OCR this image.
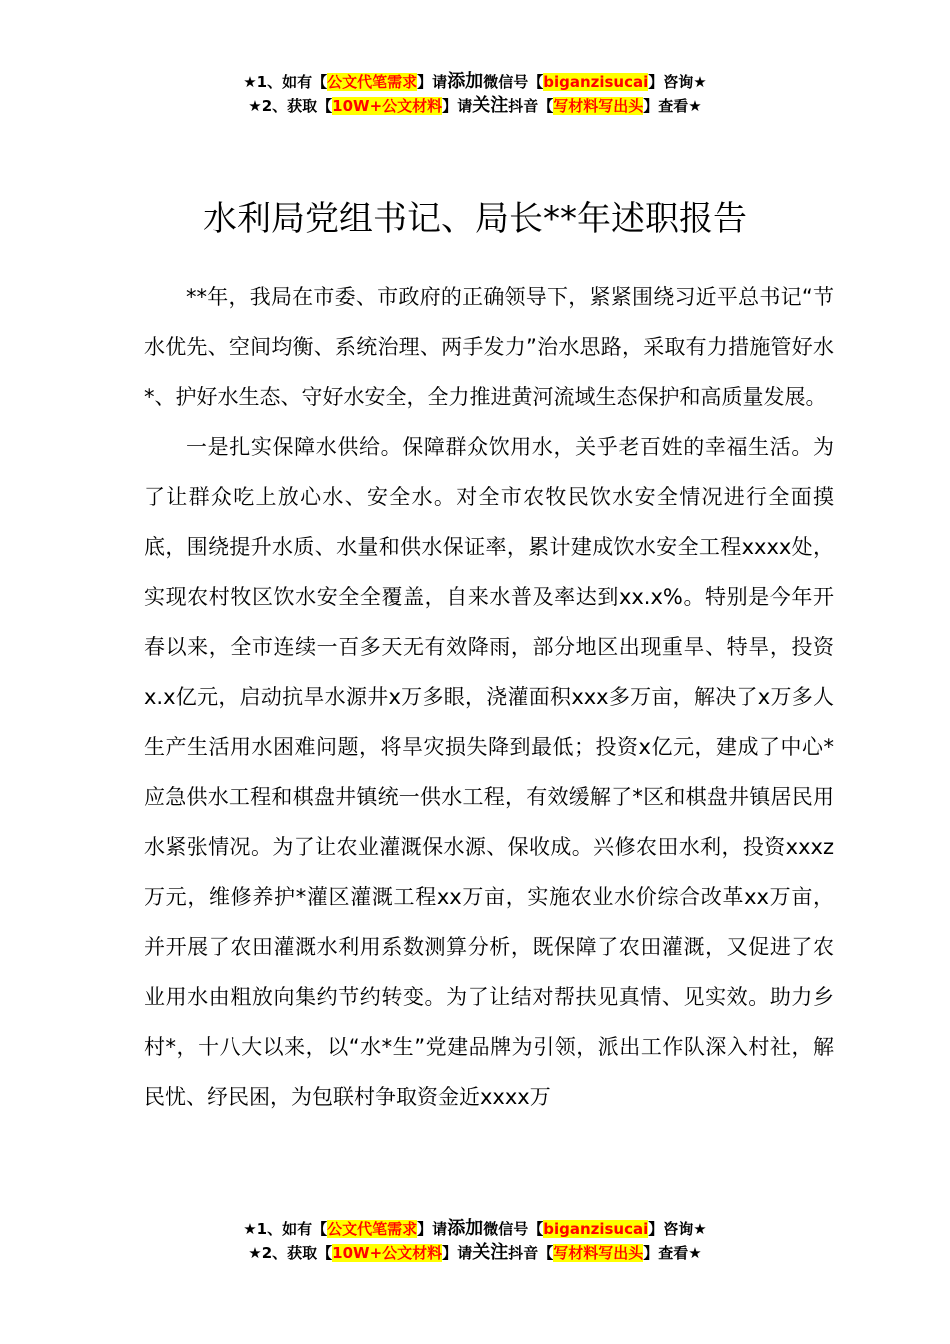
★1、如有【公文代笔需求】请添加微信号【biganzisucai】咨询★
★2、获取【10W+公文材料】请关注抖音【写材料写出头】查看★
水利局党组书记、局长**年述职报告

**年，我局在市委、市政府的正确领导下，紧紧围绕习近平总书记“节水优先、空间均衡、系统治理、两手发力”治水思路，采取有力措施管好水*、护好水生态、守好水安全，全力推进黄河流域生态保护和高质量发展。

一是扎实保障水供给。保障群众饮用水，关乎老百姓的幸福生活。为了让群众吃上放心水、安全水。对全市农牧民饮水安全情况进行全面摸底，围绕提升水质、水量和供水保证率，累计建成饮水安全工程xxxx处，实现农村牧区饮水安全全覆盖，自来水普及率达到xx.x%。特别是今年开春以来，全市连续一百多天无有效降雨，部分地区出现重旱、特旱，投资x.x亿元，启动抗旱水源井x万多眼，浇灌面积xxx多万亩，解决了x万多人生产生活用水困难问题，将旱灾损失降到最低；投资x亿元，建成了中心*应急供水工程和棋盘井镇统一供水工程，有效缓解了*区和棋盘井镇居民用水紧张情况。为了让农业灌溉保水源、保收成。兴修农田水利，投资xxxz万元，维修养护*灌区灌溉工程xx万亩，实施农业水价综合改革xx万亩，并开展了农田灌溉水利用系数测算分析，既保障了农田灌溉，又促进了农业用水由粗放向集约节约转变。为了让结对帮扶见真情、见实效。助力乡村*，十八大以来，以“水*生”党建品牌为引领，派出工作队深入村社，解民忧、纾民困，为包联村争取资金近xxxx万

★1、如有【公文代笔需求】请添加微信号【biganzisucai】咨询★
★2、获取【10W+公文材料】请关注抖音【写材料写出头】查看★
